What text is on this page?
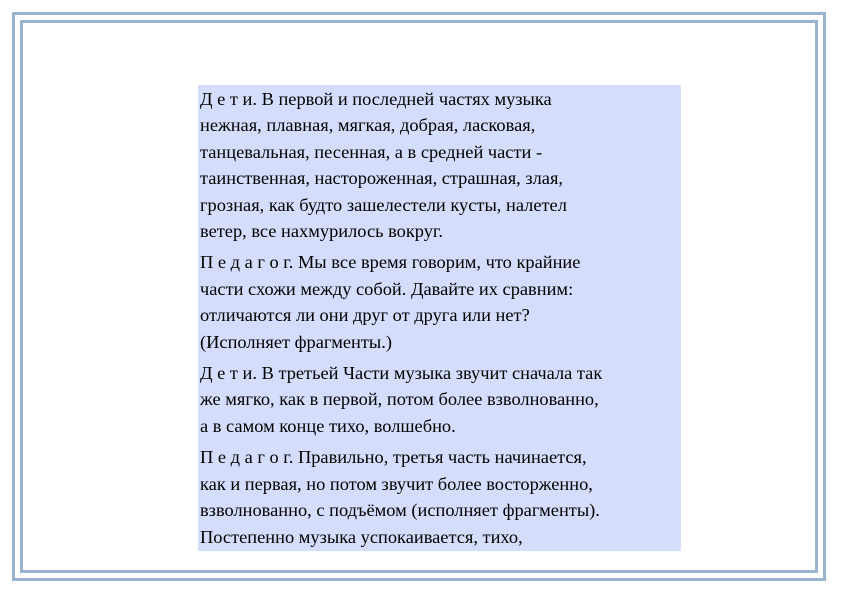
Д е т и. В первой и последней частях музыка
нежная, плавная, мягкая, добрая, ласковая,
танцевальная, песенная, а в средней части -
таинственная, настороженная, страшная, злая,
грозная, как будто зашелестели кусты, налетел
ветер, все нахмурилось вокруг.

П е д а г о г. Мы все время говорим, что крайние
части схожи между собой. Давайте их сравним:
отличаются ли они друг от друга или нет?
(Исполняет фрагменты.)

Д е т и. В третьей Части музыка звучит сначала так
же мягко, как в первой, потом более взволнованно,
а в самом конце тихо, волшебно.

П е д а г о г. Правильно, третья часть начинается,
как и первая, но потом звучит более восторженно,
взволнованно, с подъёмом (исполняет фрагменты).
Постепенно музыка успокаивается, тихо,
